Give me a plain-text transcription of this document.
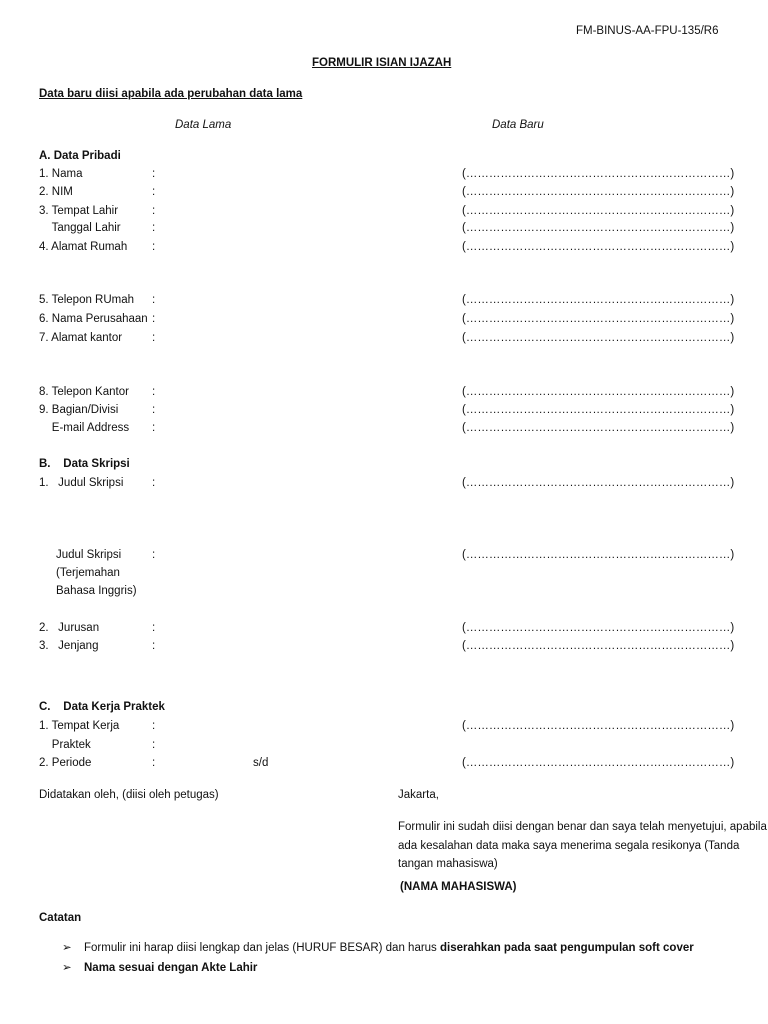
FM-BINUS-AA-FPU-135/R6
FORMULIR ISIAN IJAZAH
Data baru diisi apabila ada perubahan data lama
Data Lama	Data Baru
A. Data Pribadi
1. Nama	:	(……………………………………………………………)
2. NIM	:	(……………………………………………………………)
3. Tempat Lahir	:	(……………………………………………………………)
Tanggal Lahir	:	(……………………………………………………………)
4. Alamat Rumah :	(……………………………………………………………)
5. Telepon RUmah :	(……………………………………………………………)
6. Nama Perusahaan :	(……………………………………………………………)
7. Alamat kantor	:	(……………………………………………………………)
8. Telepon Kantor :	(……………………………………………………………)
9. Bagian/Divisi	:	(……………………………………………………………)
E-mail Address :	(……………………………………………………………)
B.    Data Skripsi
1.   Judul Skripsi :	(……………………………………………………………)
Judul Skripsi	:	(……………………………………………………………)
(Terjemahan
Bahasa Inggris)
2.   Jurusan	:	(……………………………………………………………)
3.   Jenjang	:	(……………………………………………………………)
C.    Data Kerja Praktek
1. Tempat Kerja	:	(……………………………………………………………)
Praktek	:
2. Periode	:	s/d	(……………………………………………………………)
Didatakan oleh, (diisi oleh petugas)	Jakarta,
Formulir ini sudah diisi dengan benar dan saya telah menyetujui, apabila ada kesalahan data maka saya menerima segala resikonya (Tanda tangan mahasiswa)
(NAMA MAHASISWA)
Catatan
➢ Formulir ini harap diisi lengkap dan jelas (HURUF BESAR) dan harus diserahkan pada saat pengumpulan soft cover
➢ Nama sesuai dengan Akte Lahir
